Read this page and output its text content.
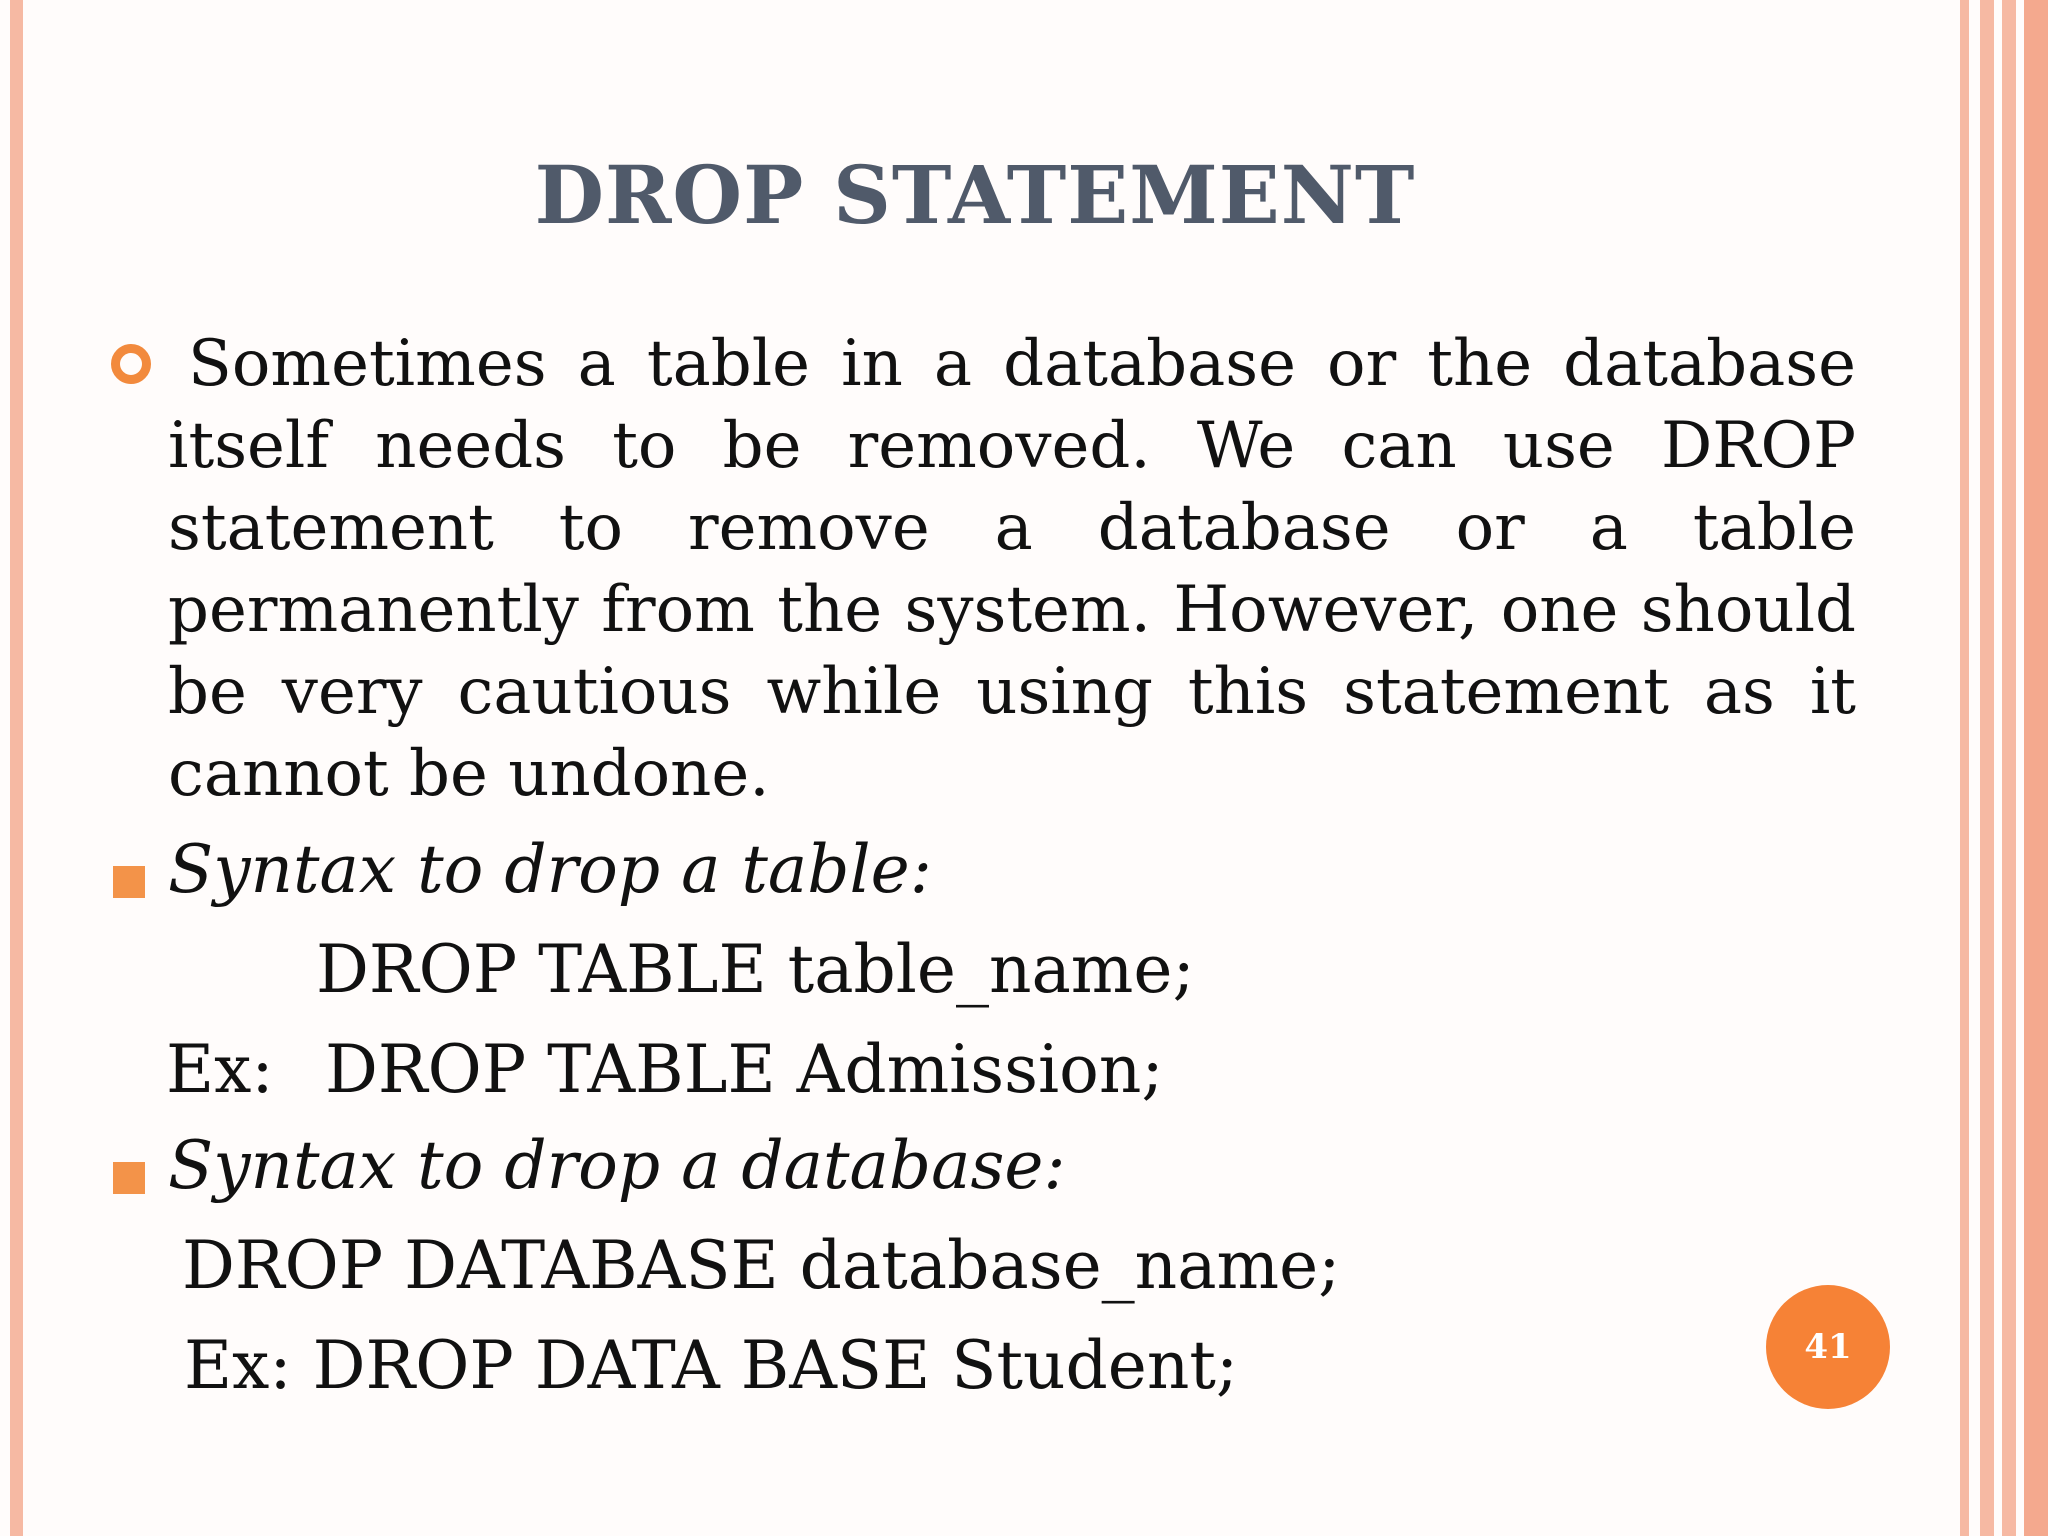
DROP STATEMENT

Sometimes a table in a database or the database
itself needs to be removed. We can use DROP statement to remove a database or a table permanently from the system. However, one should be very cautious while using this statement as it cannot be undone.

Syntax to drop a table:
DROP TABLE table_name;
Ex: DROP TABLE Admission;
Syntax to drop a database:
DROP DATABASE database_name;
Ex: DROP DATA BASE Student;	41
